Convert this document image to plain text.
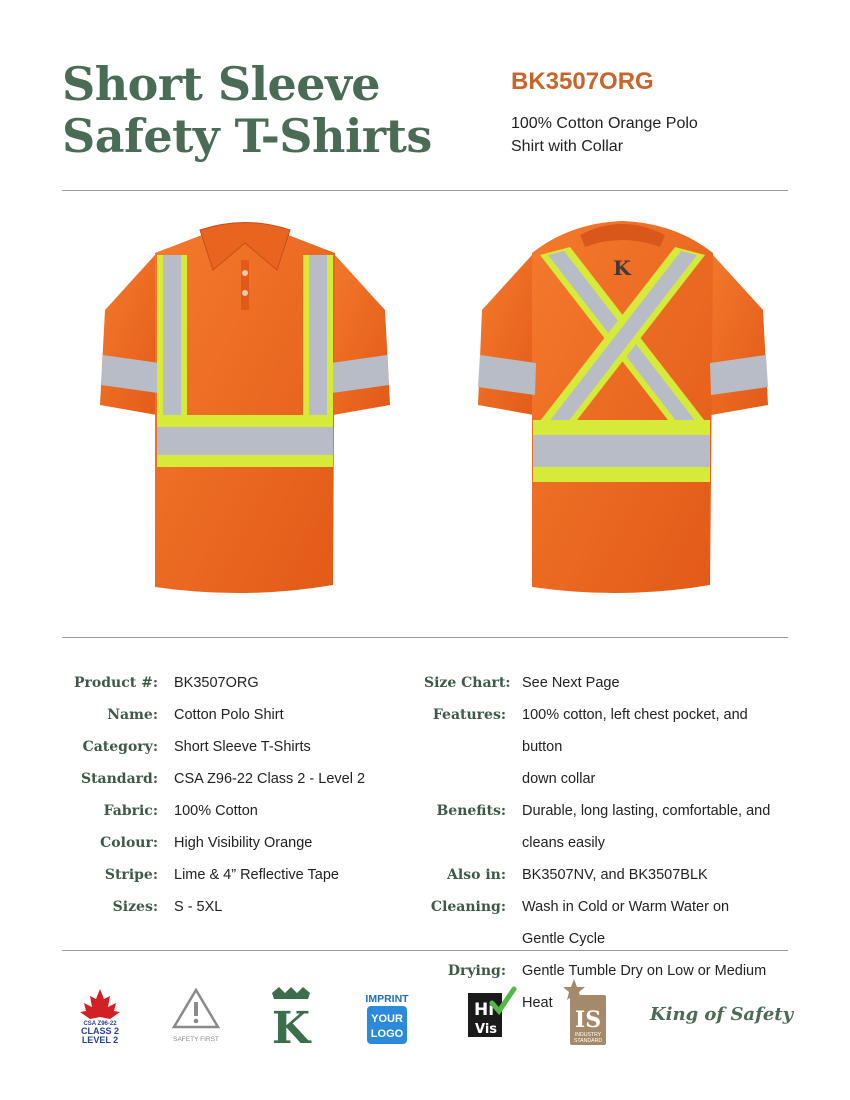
Short Sleeve
Safety T-Shirts
BK3507ORG
100% Cotton Orange Polo
Shirt with Collar
K
Product #:	BK3507ORG
Name:	Cotton Polo Shirt
Category:	Short Sleeve T-Shirts
Standard:	CSA Z96-22 Class 2 - Level 2
Fabric:	100% Cotton
Colour:	High Visibility Orange
Stripe:	Lime & 4” Reflective Tape
Sizes:	S - 5XL
Size Chart: See Next Page
Features:	100% cotton, left chest pocket, and button
down collar
Benefits:	Durable, long lasting, comfortable, and
cleans easily
Also in:	BK3507NV, and BK3507BLK
Cleaning:	Wash in Cold or Warm Water on Gentle Cycle
Drying:	Gentle Tumble Dry on Low or Medium Heat
CSA Z96-22
CLASS 2
LEVEL 2	SAFETY FIRST K
IMPRINT
YOUR
LOGO
Hi
Vis	IS
INDUSTRY
STANDARD
King of Safety
